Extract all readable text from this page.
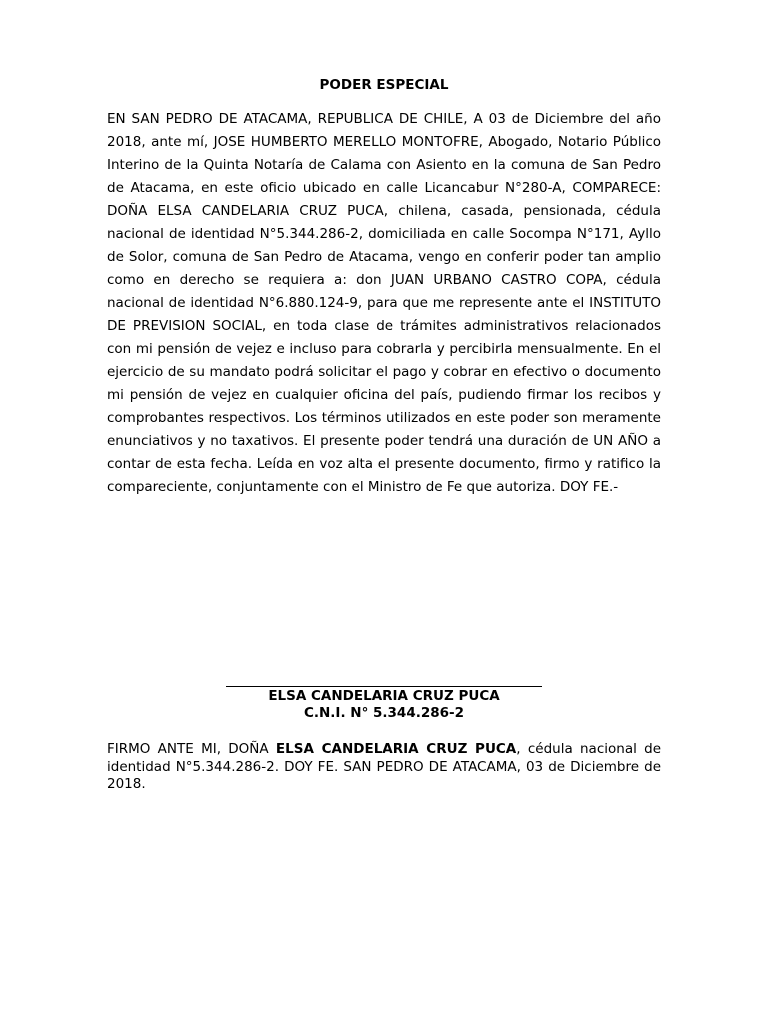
PODER ESPECIAL

EN SAN PEDRO DE ATACAMA, REPUBLICA DE CHILE, A 03 de Diciembre del año 2018, ante mí, JOSE HUMBERTO MERELLO MONTOFRE, Abogado, Notario Público Interino de la Quinta Notaría de Calama con Asiento en la comuna de San Pedro de Atacama, en este oficio ubicado en calle Licancabur N°280-A, COMPARECE: DOÑA ELSA CANDELARIA CRUZ PUCA, chilena, casada, pensionada, cédula nacional de identidad N°5.344.286-2, domiciliada en calle Socompa N°171, Ayllo de Solor, comuna de San Pedro de Atacama, vengo en conferir poder tan amplio como en derecho se requiera a: don JUAN URBANO CASTRO COPA, cédula nacional de identidad N°6.880.124-9, para que me represente ante el INSTITUTO DE PREVISION SOCIAL, en toda clase de trámites administrativos relacionados con mi pensión de vejez e incluso para cobrarla y percibirla mensualmente. En el ejercicio de su mandato podrá solicitar el pago y cobrar en efectivo o documento mi pensión de vejez en cualquier oficina del país, pudiendo firmar los recibos y comprobantes respectivos. Los términos utilizados en este poder son meramente enunciativos y no taxativos. El presente poder tendrá una duración de UN AÑO a contar de esta fecha. Leída en voz alta el presente documento, firmo y ratifico la compareciente, conjuntamente con el Ministro de Fe que autoriza. DOY FE.-

ELSA CANDELARIA CRUZ PUCA
C.N.I. N° 5.344.286-2

FIRMO ANTE MI, DOÑA ELSA CANDELARIA CRUZ PUCA, cédula nacional de identidad N°5.344.286-2. DOY FE. SAN PEDRO DE ATACAMA, 03 de Diciembre de 2018.
